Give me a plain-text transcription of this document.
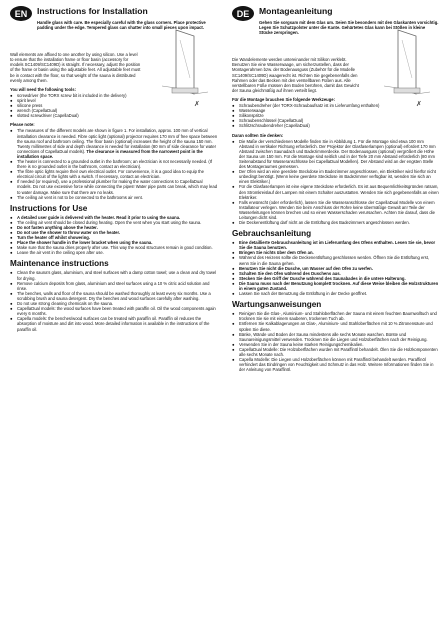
EN	Instructions for Installation
Handle glass with care. Be especially careful with the glass corners. Place protective padding under the edge. Tempered glass can shatter into small pieces upon impact.
✗
Wall elements are affixed to one another by using silicon. Use a level to ensure that the installation frame or floor basin (accessory for models SC1409/SC1409D) is straight. If necessary, adjust the position of the frame or basin using the adjustable feet. All adjustable feet must be in contact with the floor, so that weight of the sauna is distributed evenly among them.
You will need the following tools:
● screwdriver (the TORX screw bit is included in the delivery)
● spirit level
● silicone press
● wrench (CapellaDual)
● slotted screwdriver (CapellaDual)
Please note:
● The measures of the different models are shown in figure 1. For installation, approx. 100 mm of vertical installation clearance is needed. Fibre optic light (optional) projector requires 170 mm of free space between the sauna roof and bathroom ceiling. The floor basin (optional) increases the height of the sauna 150 mm. Twenty millimetres of side and depth clearance is needed for installation (80 mm of side clearance for water connections of CapellaDual models). The clearance is measured from the narrowest point in the installation space.
● The heater is connected to a grounded outlet in the bathroom; an electrician is not necessarily needed. (If there is no grounded outlet in the bathroom, contact an electrician).
● The fibre optic lights require their own electrical outlet. For convenience, it is a good idea to equip the electrical circuit of the lights with a switch. If necessary, contact an electrician.
● If needed (or required), use a professional plumber for making the water connections to CapellaDual models. Do not use excessive force while connecting the pipes! Water pipe parts can break, which may lead to water damage. Make sure that there are no leaks.
● The ceiling air vent is not to be connected to the bathrooms air vent.
Instructions for Use
● A detailed user guide is delivered with the heater. Read it prior to using the sauna.
● The ceiling air vent should be closed during heating. Open the vent when you start using the sauna.
● Do not fasten anything above the heater.
● Do not use the shower to throw water on the heater.
● Turn the heater off whilst showering.
● Place the shower handle in the lower bracket when using the sauna.
● Make sure that the sauna dries properly after use. This way the wood structures remain in good condition.
● Leave the air vent in the ceiling open after use.
Maintenance instructions
● Clean the sauna's glass, aluminium, and steel surfaces with a damp cotton towel; use a clean and dry towel for drying.
● Remove calcium deposits from glass, aluminium and steel surfaces using a 10 % citric acid solution and rinse.
● The benches, walls and floor of the sauna should be washed thoroughly at least every six months. Use a scrubbing brush and sauna detergent. Dry the benches and wood surfaces carefully after washing.
● Do not use strong cleaning chemicals on the sauna.
● CapellaDual models: the wood surfaces have been treated with paraffin oil. Oil the wood components again every 6 months.
● Capella models: the benches/wood surfaces can be treated with paraffin oil. Paraffin oil reduces the absorption of moisture and dirt into wood. More detailed information is available in the instructions of the paraffin oil.
DE	Montageanleitung
Gehen Sie sorgsam mit dem Glas um. Seien Sie besonders mit den Glaskanten vorsichtig. Legen Sie Schutzpolster unter die Kante. Gehärtetes Glas kann bei Stößen in kleine Stücke zerspringen.
✗
Die Wandelemente werden untereinander mit Silikon verklebt. Benutzen Sie eine Wasserwaage, um sicherzustellen, dass der Montagerahmen bzw. der Bodenausguss (Zubehör für die Modelle SC1409/SC1409D) waagerecht ist. Richten Sie gegebenenfalls den Rahmen oder das Becken mit den verstellbaren Füßen aus. Alle verstellbaren Füße müssen den Boden berühren, damit das Gewicht der Sauna gleichmäßig auf ihnen verteilt liegt.
Für die Montage brauchen Sie folgende Werkzeuge:
● Schraubendreher (der TORX-Schraubaufsatz ist im Lieferumfang enthalten)
● Wasserwaage
● Silikonspritze
● Schraubenschlüssel (CapellaDual)
● Schlitzschraubendreher (CapellaDual)
Daran sollten Sie denken:
● Die Maße der verschiedenen Modelle finden Sie in Abbildung 1. Für die Montage sind etwa 100 mm Abstand in vertikaler Richtung erforderlich. Der Projektor der Glasfaserlampen (optional) erfordert 170 mm Abstand zwischen Saunadach und Badezimmerdecke. Der Bodenausguss (optional) vergrößert die Höhe der Sauna um 150 mm. Für die Montage sind seitlich und in der Tiefe 20 mm Abstand erforderlich (80 mm Seitenabstand für Wasseranschlüsse bei CapellaDual Modellen). Der Abstand wird an der engsten Stelle des Montageraumes gemessen.
● Der Ofen wird an eine geerdete Steckdose im Badezimmer angeschlossen, ein Elektriker wird hierfür nicht unbedingt benötigt. (Wenn keine geerdete Steckdose im Badezimmer verfügbar ist, wenden Sie sich an einen Elektriker.)
● Für die Glasfaserlampen ist eine eigene Steckdose erforderlich. Es ist aus Bequemlichkeitsgründen ratsam, den Stromkreislauf der Lampen mit einem Schalter auszustatten. Wenden Sie sich gegebenenfalls an einen Elektriker.
● Falls erwünscht (oder erforderlich), lassen Sie die Wasseranschlüsse der CapellaDual Modelle von einem Installateur verlegen. Wenden Sie beim Anschluss der Rohre keine übermäßige Gewalt an! Teile der Wasserleitungen können brechen und so einen Wasserschaden verursachen. Achten Sie darauf, dass die Leitungen dicht sind.
● Die Deckenentlüftung darf nicht an die Entlüftung des Badezimmers angeschlossen werden.
Gebrauchsanleitung
● Eine detaillierte Gebrauchsanleitung ist im Lieferumfang des Ofens enthalten. Lesen Sie sie, bevor Sie die Sauna benutzen.
● Bringen Sie nichts über dem Ofen an.
● Während des Heizens sollte die Deckenentlüftung geschlossen werden. Öffnen Sie die Entlüftung erst, wenn Sie in die Sauna gehen.
● Benutzen Sie nicht die Dusche, um Wasser auf den Ofen zu werfen.
● Schalten Sie den Ofen während des Duschens aus.
● Stecken Sie den Griff der Dusche während des Saunabades in die untere Halterung.
● Die Sauna muss nach der Benutzung komplett trocknen. Auf diese Weise bleiben die Holzstrukturen in einem guten Zustand.
● Lassen Sie nach der Benutzung die Entlüftung in der Decke geöffnet.
Wartungsanweisungen
● Reinigen Sie die Glas-, Aluminium- und Stahloberflächen der Sauna mit einem feuchten Baumwolltuch und trocknen Sie sie mit einem sauberen, trockenen Tuch ab.
● Entfernen Sie Kalkablagerungen an Glas-, Aluminium- und Stahloberflächen mit 10 % Zitronensäure und spülen Sie diese.
● Bänke, Wände und Boden der Sauna mindestens alle sechs Monate waschen. Bürste und Saunareinigungsmittel verwenden. Trocknen Sie die Liegen und Holzoberflächen nach der Reinigung.
● Verwenden Sie in der Sauna keine starken Reinigungschemikalien.
● CapellaDual Modelle: Die Holzoberflächen wurden mit Paraffinöl behandelt. Ölen Sie die Holzkomponenten alle sechs Monate nach.
● Capella Modelle: Die Liegen und Holzoberflächen können mit Paraffinöl behandelt werden. Paraffinöl verhindert das Eindringen von Feuchtigkeit und Schmutz in das Holz. Weitere Informationen finden Sie in der Anleitung von Paraffinöl.
